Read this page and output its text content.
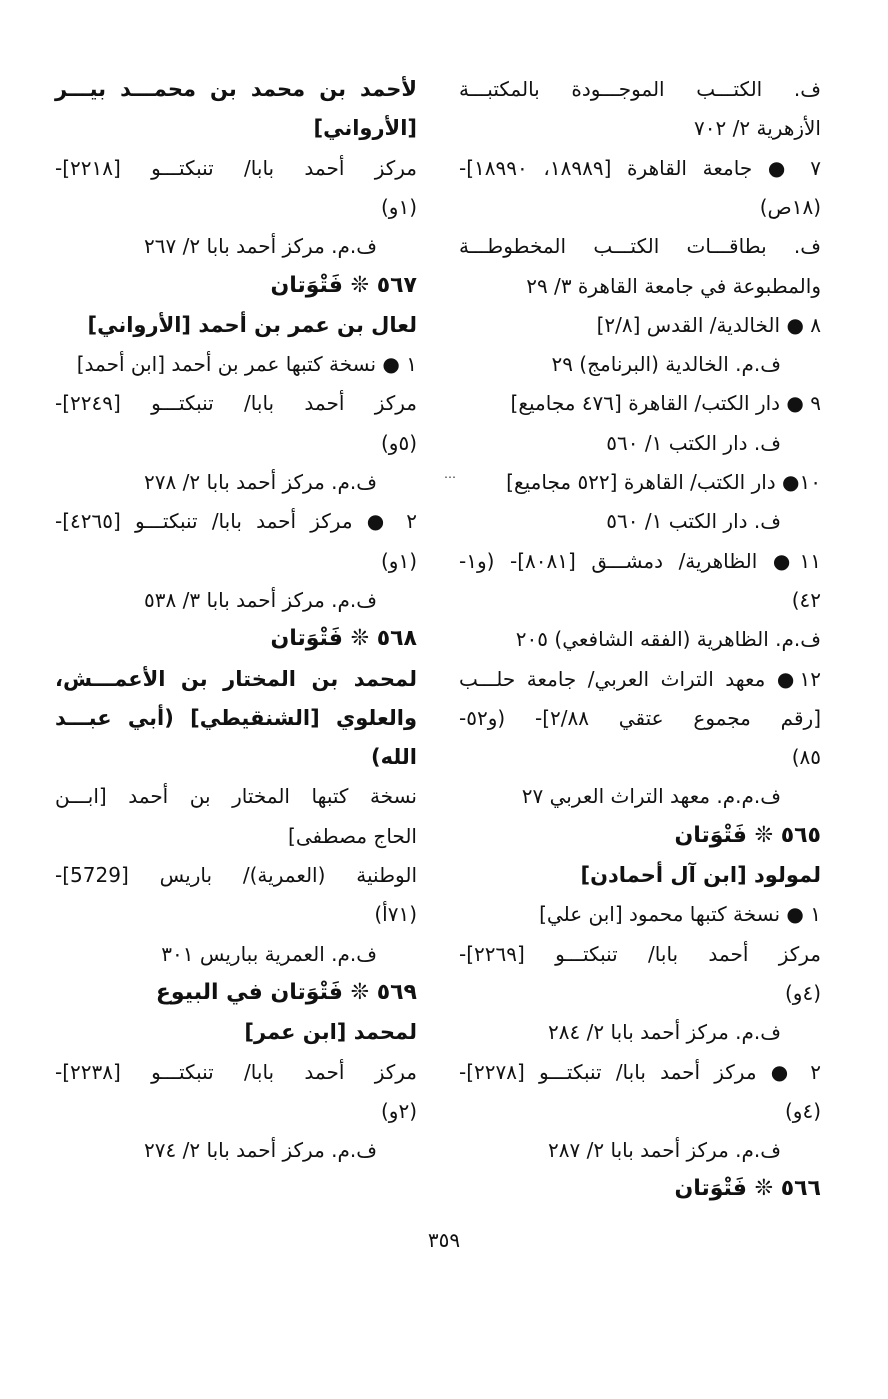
ف. الكتـــب الموجـــودة بالمكتبـــة
الأزهرية ٢/ ٧٠٢
٧ ● جامعة القاهرة [١٨٩٨٩، ١٨٩٩٠]-
(١٨ص)
ف. بطاقـــات الكتـــب المخطوطـــة
والمطبوعة في جامعة القاهرة ٣/ ٢٩
٨ ● الخالدية/ القدس [٢/٨]
ف.م. الخالدية (البرنامج) ٢٩
٩ ● دار الكتب/ القاهرة [٤٧٦ مجاميع]
ف. دار الكتب ١/ ٥٦٠
١٠● دار الكتب/ القاهرة [٥٢٢ مجاميع]
ف. دار الكتب ١/ ٥٦٠
١١● الظاهرية/ دمشـــق [٨٠٨١]- (و١-
٤٢)
ف.م. الظاهرية (الفقه الشافعي) ٢٠٥
١٢● معهد التراث العربي/ جامعة حلـــب
[رقم مجموع عتقي ٢/٨٨]- (و٥٢-
٨٥)
ف.م.م. معهد التراث العربي ٢٧
٥٦٥ ❊ فَتْوَتان
لمولود [ابن آل أحمادن]
١ ● نسخة كتبها محمود [ابن علي]
مركز أحمد بابا/ تنبكتـــو [٢٢٦٩]-
(٤و)
ف.م. مركز أحمد بابا ٢/ ٢٨٤
٢ ● مركز أحمد بابا/ تنبكتـــو [٢٢٧٨]-
(٤و)
ف.م. مركز أحمد بابا ٢/ ٢٨٧
٥٦٦ ❊ فَتْوَتان
لأحمد بن محمد بن محمـــد بيـــر
[الأرواني]
مركز أحمد بابا/ تنبكتـــو [٢٢١٨]-
(١و)
ف.م. مركز أحمد بابا ٢/ ٢٦٧
٥٦٧ ❊ فَتْوَتان
لعال بن عمر بن أحمد [الأرواني]
١ ● نسخة كتبها عمر بن أحمد [ابن أحمد]
مركز أحمد بابا/ تنبكتـــو [٢٢٤٩]-
(٥و)
ف.م. مركز أحمد بابا ٢/ ٢٧٨
٢ ● مركز أحمد بابا/ تنبكتـــو [٤٢٦٥]-
(١و)
ف.م. مركز أحمد بابا ٣/ ٥٣٨
٥٦٨ ❊ فَتْوَتان
لمحمد بن المختار بن الأعمـــش،
والعلوي [الشنقيطي] (أبي عبـــد
الله)
نسخة كتبها المختار بن أحمد [ابـــن
الحاج مصطفى]
الوطنية (العمرية)/ باريس [5729]-
(٧١أ)
ف.م. العمرية بباريس ٣٠١
٥٦٩ ❊ فَتْوَتان في البيوع
لمحمد [ابن عمر]
مركز أحمد بابا/ تنبكتـــو [٢٢٣٨]-
(٢و)
ف.م. مركز أحمد بابا ٢/ ٢٧٤
⋯
٣٥٩
